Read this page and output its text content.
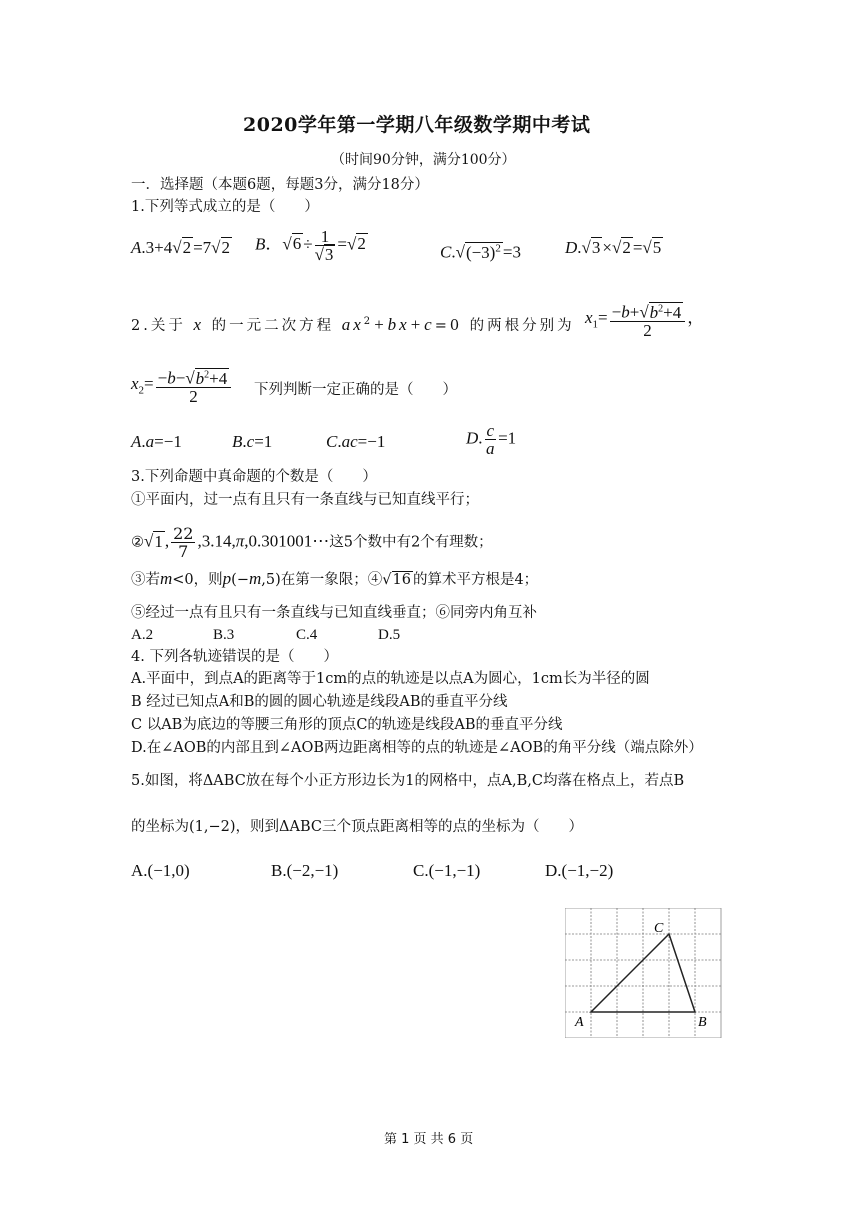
2020学年第一学期八年级数学期中考试
（时间90分钟，满分100分）
一．选择题（本题6题，每题3分，满分18分）
1.下列等式成立的是（　　）
A.3+4√2 =7√2 B．$√6 \div \frac{1}{√3} =√2$	$C.√(-3)^2 =3$	D.√3 ×√2 =√5
2.关于 x 的一元二次方程 $ax^2+bx+c=0$ 的两根分别为 $x_1= \frac{-b+√b^2+4}{2}$ ，
$x_2= \frac{-b-√b^2+4}{2}$ 下列判断一定正确的是（　　）
A.a=−1	B.c=1	C.ac=−1	D. $\frac{c}{a} =1$
3.下列命题中真命题的个数是（　　）
①平面内，过一点有且只有一条直线与已知直线平行；
②√1 , $\frac{22}{7}$ ,3.14,π,0.301001⋯这5个数中有2个有理数；
③若m<0，则p(−m,5)在第一象限；④√16 的算术平方根是4；
⑤经过一点有且只有一条直线与已知直线垂直；⑥同旁内角互补
A.2	B.3	C.4	D.5
4. 下列各轨迹错误的是（　　）
A.平面中，到点A的距离等于1cm的点的轨迹是以点A为圆心，1cm长为半径的圆
B 经过已知点A和B的圆的圆心轨迹是线段AB的垂直平分线
C 以AB为底边的等腰三角形的顶点C的轨迹是线段AB的垂直平分线
D.在∠AOB的内部且到∠AOB两边距离相等的点的轨迹是∠AOB的角平分线（端点除外）
5.如图，将ΔABC放在每个小正方形边长为1的网格中，点A,B,C均落在格点上，若点B
的坐标为(1,−2)，则到ΔABC三个顶点距离相等的点的坐标为（　　）
A.(−1,0)	B.(−2,−1)	C.(−1,−1)	D.(−1,−2)
A	B
C
第 1 页 共 6 页
